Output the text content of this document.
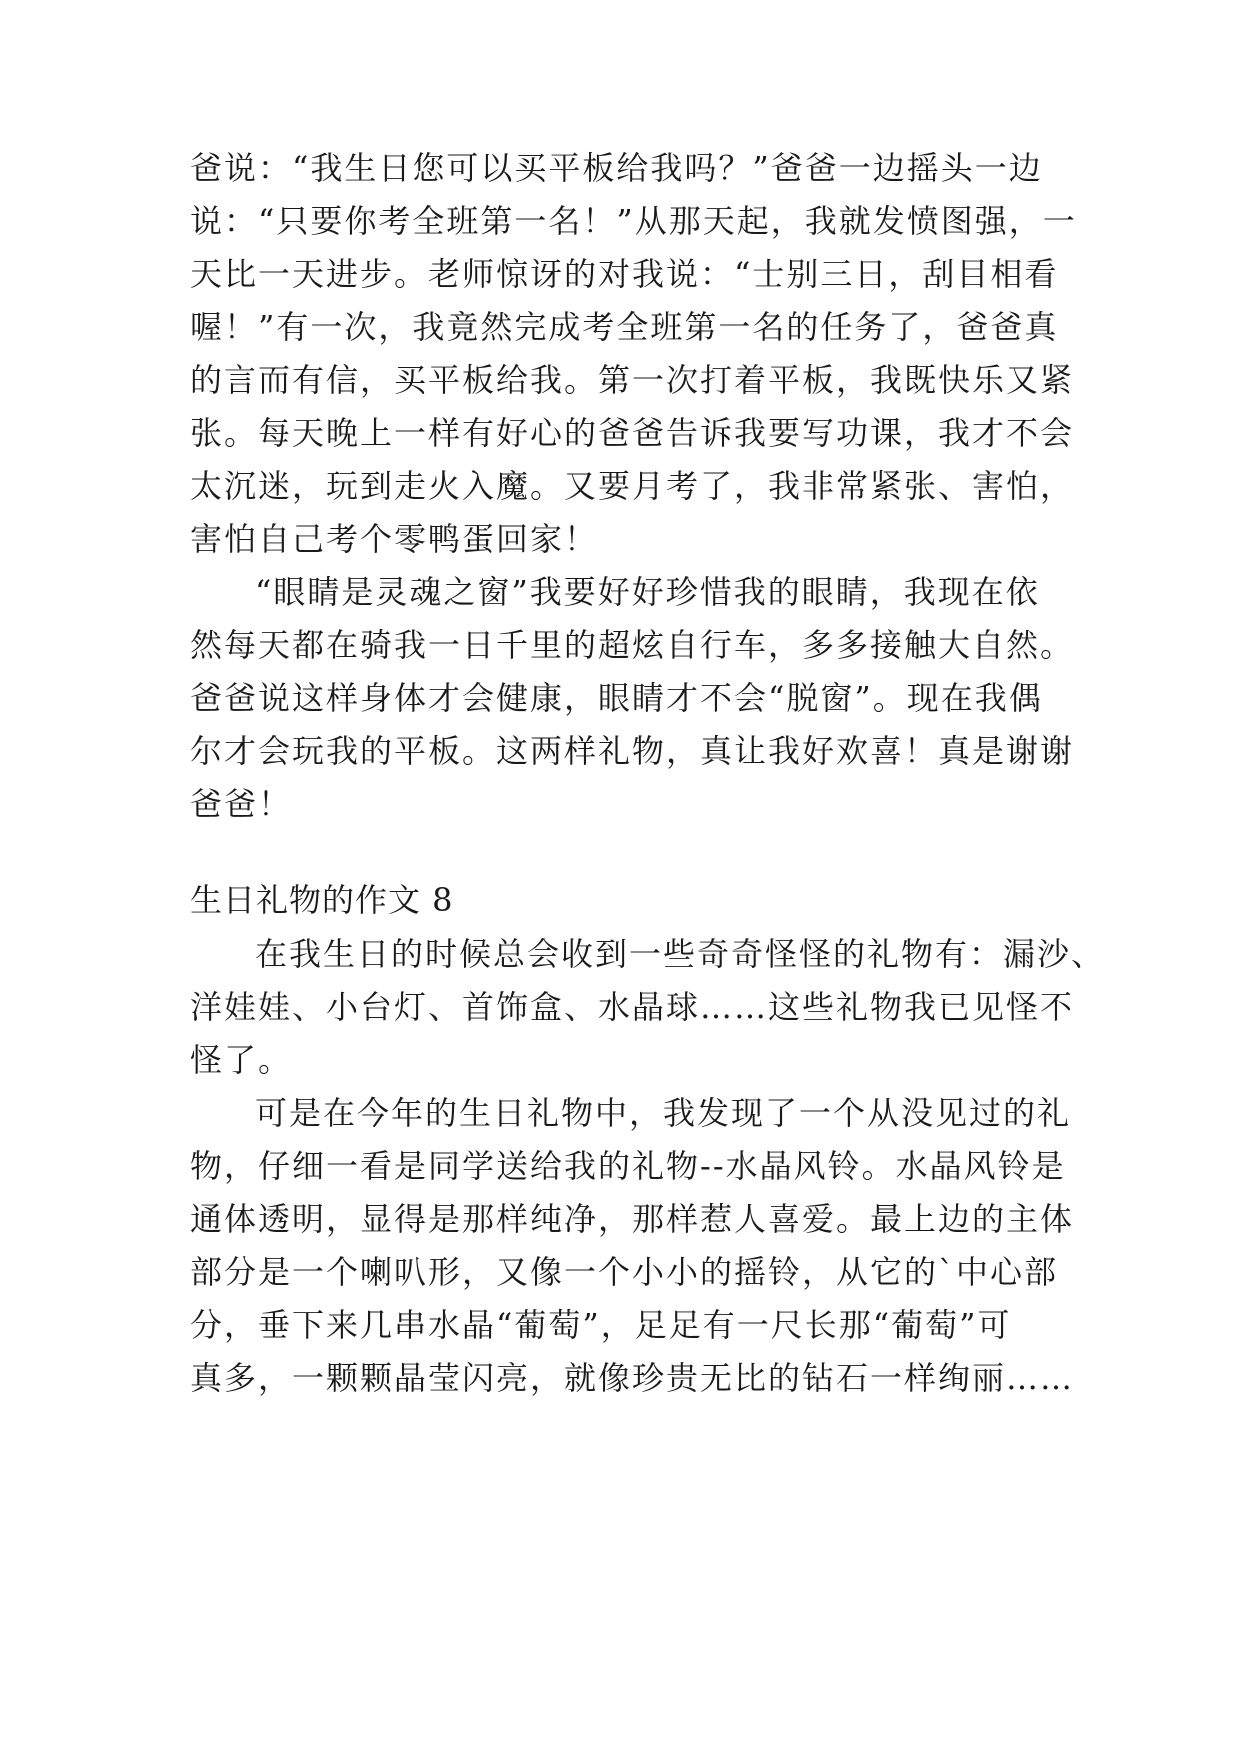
爸说：“我生日您可以买平板给我吗？”爸爸一边摇头一边
说：“只要你考全班第一名！”从那天起，我就发愤图强，一
天比一天进步。老师惊讶的对我说：“士别三日，刮目相看
喔！”有一次，我竟然完成考全班第一名的任务了，爸爸真
的言而有信，买平板给我。第一次打着平板，我既快乐又紧
张。每天晚上一样有好心的爸爸告诉我要写功课，我才不会
太沉迷，玩到走火入魔。又要月考了，我非常紧张、害怕，
害怕自己考个零鸭蛋回家！
“眼睛是灵魂之窗”我要好好珍惜我的眼睛，我现在依
然每天都在骑我一日千里的超炫自行车，多多接触大自然。
爸爸说这样身体才会健康，眼睛才不会“脱窗”。现在我偶
尔才会玩我的平板。这两样礼物，真让我好欢喜！真是谢谢
爸爸！
生日礼物的作文 8
在我生日的时候总会收到一些奇奇怪怪的礼物有：漏沙、
洋娃娃、小台灯、首饰盒、水晶球……这些礼物我已见怪不
怪了。
可是在今年的生日礼物中，我发现了一个从没见过的礼
物，仔细一看是同学送给我的礼物--水晶风铃。水晶风铃是
通体透明，显得是那样纯净，那样惹人喜爱。最上边的主体
部分是一个喇叭形，又像一个小小的摇铃，从它的`中心部
分，垂下来几串水晶“葡萄”，足足有一尺长那“葡萄”可
真多，一颗颗晶莹闪亮，就像珍贵无比的钻石一样绚丽……
